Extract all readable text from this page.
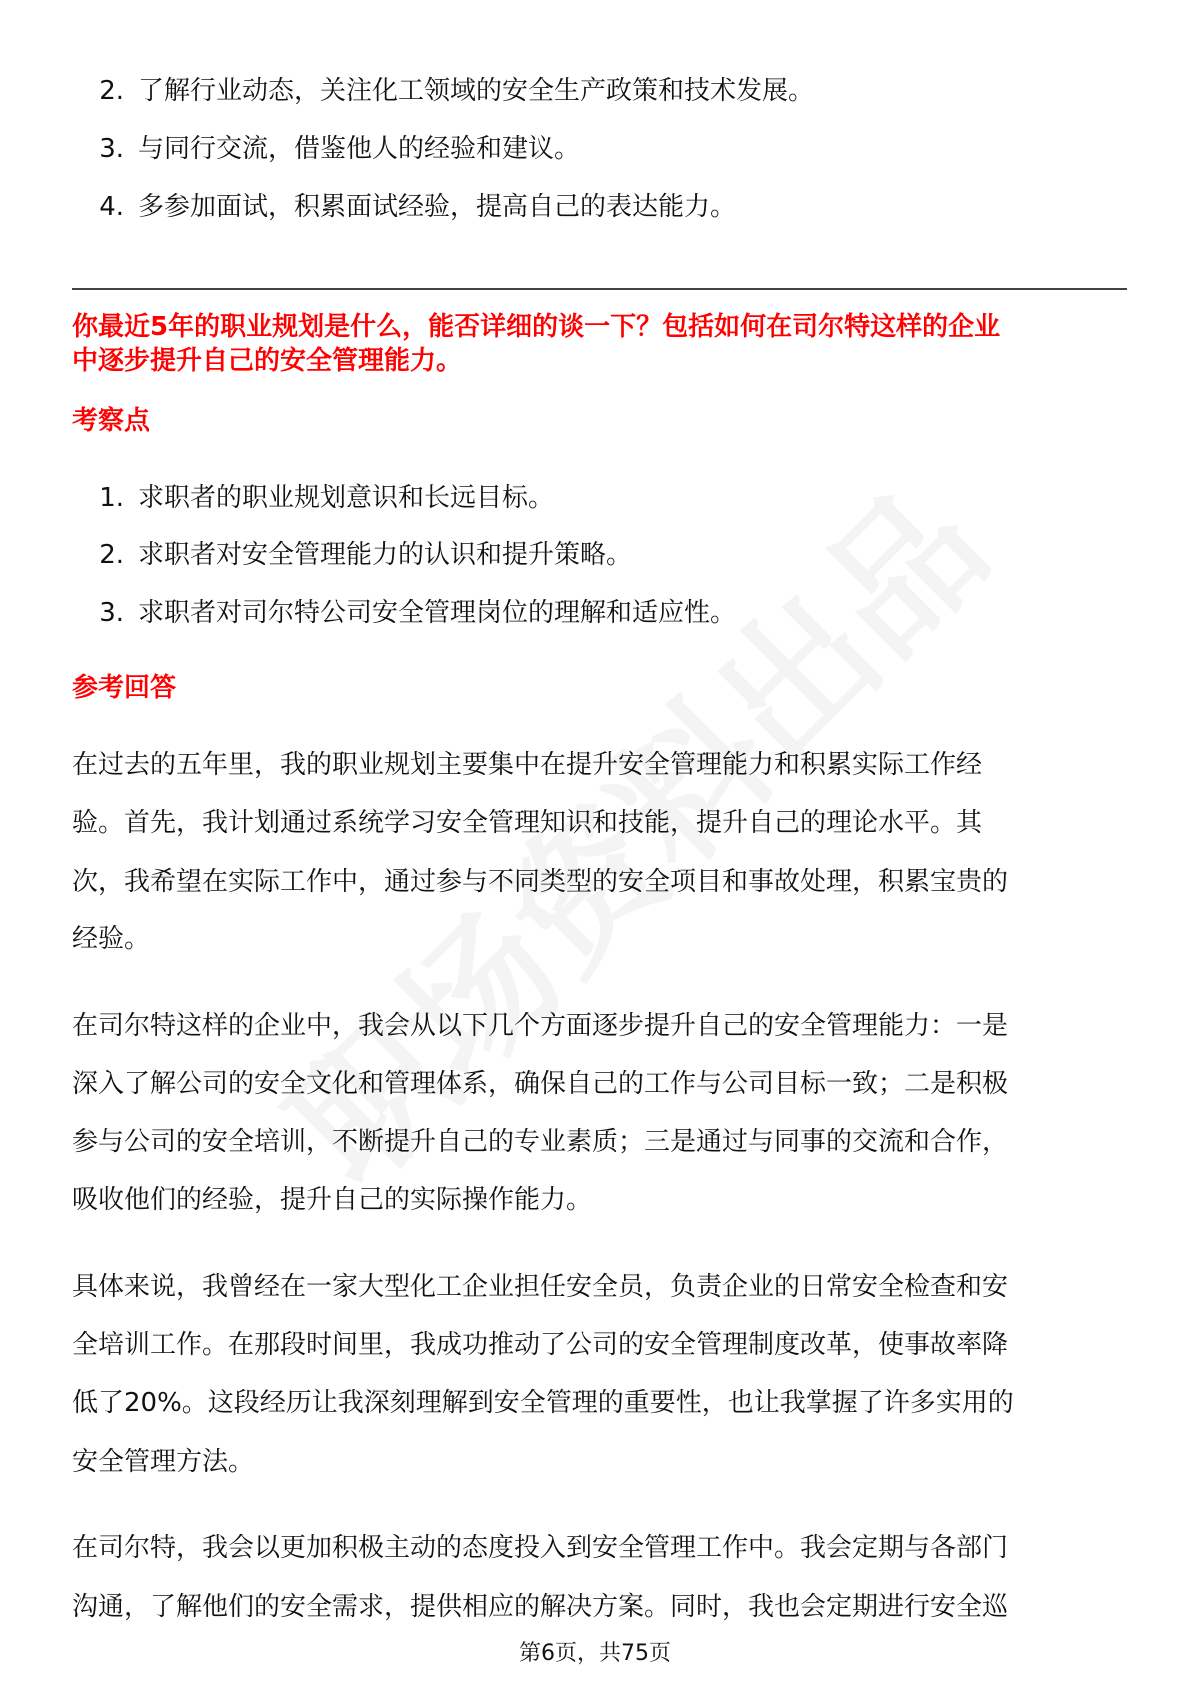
2. 了解行业动态，关注化工领域的安全生产政策和技术发展。
3. 与同行交流，借鉴他人的经验和建议。
4. 多参加面试，积累面试经验，提高自己的表达能力。
你最近5年的职业规划是什么，能否详细的谈一下？包括如何在司尔特这样的企业
中逐步提升自己的安全管理能力。
考察点
1. 求职者的职业规划意识和长远目标。
2. 求职者对安全管理能力的认识和提升策略。
3. 求职者对司尔特公司安全管理岗位的理解和适应性。
参考回答
在过去的五年里，我的职业规划主要集中在提升安全管理能力和积累实际工作经
验。首先，我计划通过系统学习安全管理知识和技能，提升自己的理论水平。其
次，我希望在实际工作中，通过参与不同类型的安全项目和事故处理，积累宝贵的
经验。
在司尔特这样的企业中，我会从以下几个方面逐步提升自己的安全管理能力：一是
深入了解公司的安全文化和管理体系，确保自己的工作与公司目标一致；二是积极
参与公司的安全培训，不断提升自己的专业素质；三是通过与同事的交流和合作，
吸收他们的经验，提升自己的实际操作能力。
具体来说，我曾经在一家大型化工企业担任安全员，负责企业的日常安全检查和安
全培训工作。在那段时间里，我成功推动了公司的安全管理制度改革，使事故率降
低了20%。这段经历让我深刻理解到安全管理的重要性，也让我掌握了许多实用的
安全管理方法。
在司尔特，我会以更加积极主动的态度投入到安全管理工作中。我会定期与各部门
沟通，了解他们的安全需求，提供相应的解决方案。同时，我也会定期进行安全巡
第6页，共75页
